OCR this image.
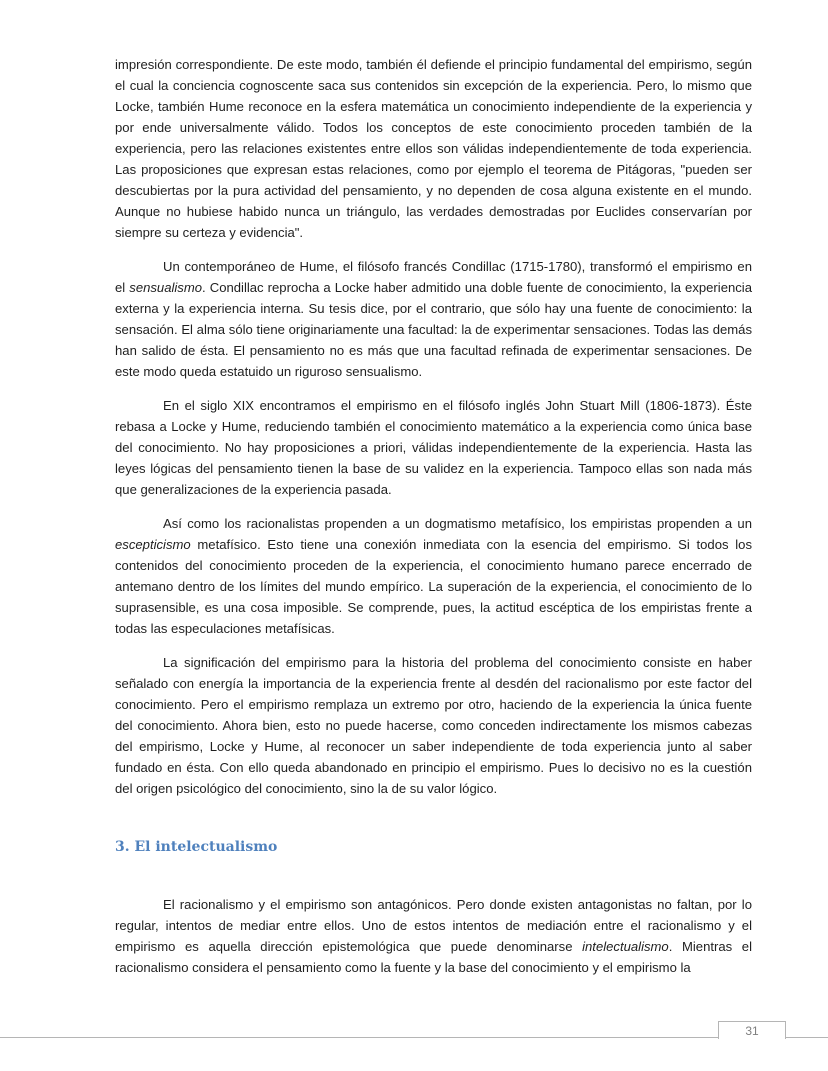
impresión correspondiente. De este modo, también él defiende el principio fundamental del empirismo, según el cual la conciencia cognoscente saca sus contenidos sin excepción de la experiencia. Pero, lo mismo que Locke, también Hume reconoce en la esfera matemática un conocimiento independiente de la experiencia y por ende universalmente válido. Todos los conceptos de este conocimiento proceden también de la experiencia, pero las relaciones existentes entre ellos son válidas independientemente de toda experiencia. Las proposiciones que expresan estas relaciones, como por ejemplo el teorema de Pitágoras, "pueden ser descubiertas por la pura actividad del pensamiento, y no dependen de cosa alguna existente en el mundo. Aunque no hubiese habido nunca un triángulo, las verdades demostradas por Euclides conservarían por siempre su certeza y evidencia".

Un contemporáneo de Hume, el filósofo francés Condillac (1715-1780), transformó el empirismo en el sensualismo. Condillac reprocha a Locke haber admitido una doble fuente de conocimiento, la experiencia externa y la experiencia interna. Su tesis dice, por el contrario, que sólo hay una fuente de conocimiento: la sensación. El alma sólo tiene originariamente una facultad: la de experimentar sensaciones. Todas las demás han salido de ésta. El pensamiento no es más que una facultad refinada de experimentar sensaciones. De este modo queda estatuido un riguroso sensualismo.

En el siglo XIX encontramos el empirismo en el filósofo inglés John Stuart Mill (1806-1873). Éste rebasa a Locke y Hume, reduciendo también el conocimiento matemático a la experiencia como única base del conocimiento. No hay proposiciones a priori, válidas independientemente de la experiencia. Hasta las leyes lógicas del pensamiento tienen la base de su validez en la experiencia. Tampoco ellas son nada más que generalizaciones de la experiencia pasada.

Así como los racionalistas propenden a un dogmatismo metafísico, los empiristas propenden a un escepticismo metafísico. Esto tiene una conexión inmediata con la esencia del empirismo. Si todos los contenidos del conocimiento proceden de la experiencia, el conocimiento humano parece encerrado de antemano dentro de los límites del mundo empírico. La superación de la experiencia, el conocimiento de lo suprasensible, es una cosa imposible. Se comprende, pues, la actitud escéptica de los empiristas frente a todas las especulaciones metafísicas.

La significación del empirismo para la historia del problema del conocimiento consiste en haber señalado con energía la importancia de la experiencia frente al desdén del racionalismo por este factor del conocimiento. Pero el empirismo remplaza un extremo por otro, haciendo de la experiencia la única fuente del conocimiento. Ahora bien, esto no puede hacerse, como conceden indirectamente los mismos cabezas del empirismo, Locke y Hume, al reconocer un saber independiente de toda experiencia junto al saber fundado en ésta. Con ello queda abandonado en principio el empirismo. Pues lo decisivo no es la cuestión del origen psicológico del conocimiento, sino la de su valor lógico.

3. El intelectualismo

El racionalismo y el empirismo son antagónicos. Pero donde existen antagonistas no faltan, por lo regular, intentos de mediar entre ellos. Uno de estos intentos de mediación entre el racionalismo y el empirismo es aquella dirección epistemológica que puede denominarse intelectualismo. Mientras el racionalismo considera el pensamiento como la fuente y la base del conocimiento y el empirismo la

31
